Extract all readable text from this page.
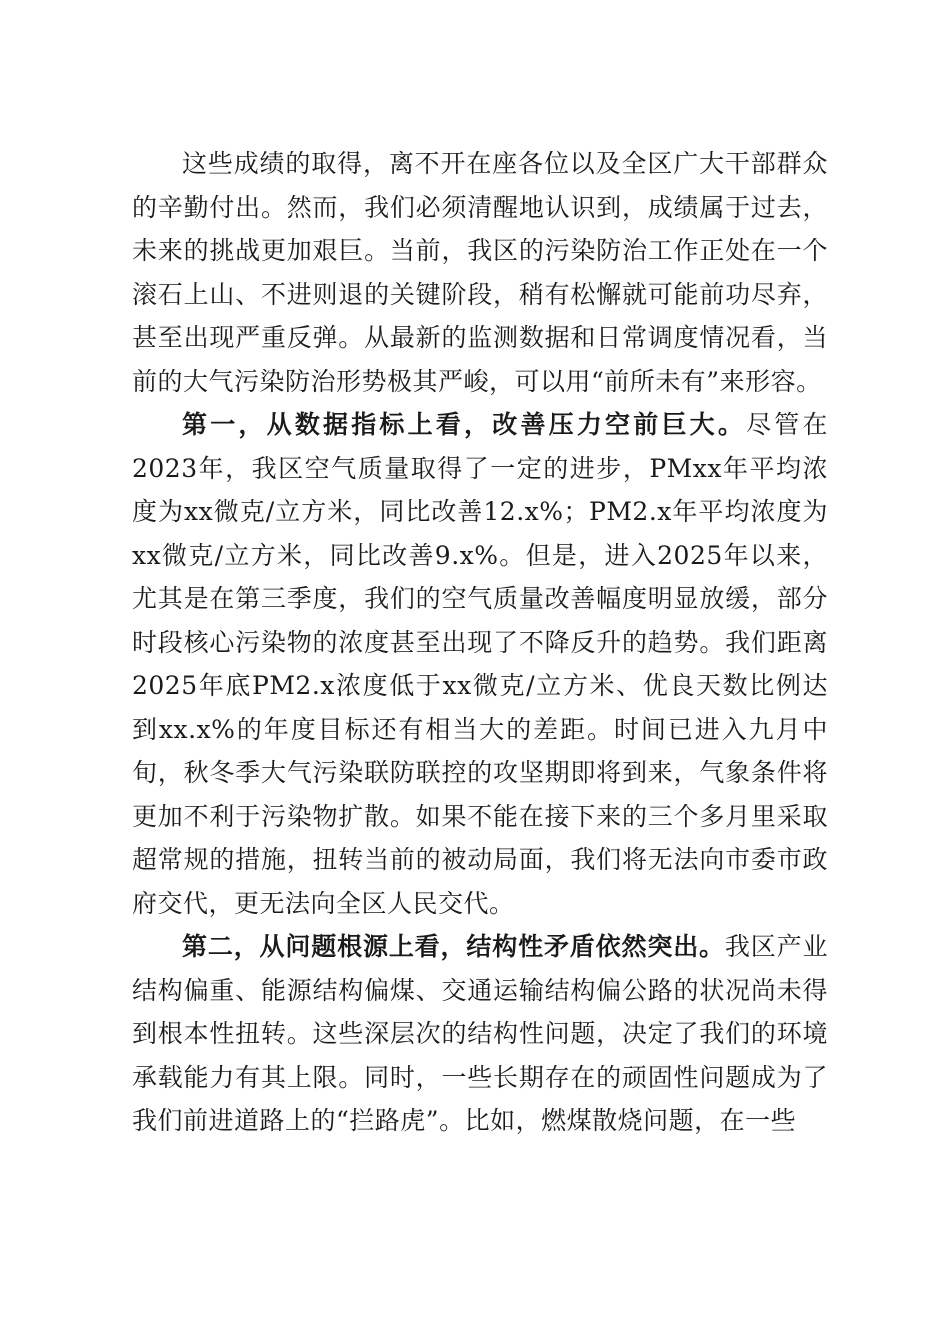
这些成绩的取得，离不开在座各位以及全区广大干部群众的辛勤付出。然而，我们必须清醒地认识到，成绩属于过去，未来的挑战更加艰巨。当前，我区的污染防治工作正处在一个滚石上山、不进则退的关键阶段，稍有松懈就可能前功尽弃，甚至出现严重反弹。从最新的监测数据和日常调度情况看，当前的大气污染防治形势极其严峻，可以用“前所未有”来形容。

第一，从数据指标上看，改善压力空前巨大。尽管在2023年，我区空气质量取得了一定的进步，PMxx年平均浓度为xx微克/立方米，同比改善12.x%；PM2.x年平均浓度为xx微克/立方米，同比改善9.x%。但是，进入2025年以来，尤其是在第三季度，我们的空气质量改善幅度明显放缓，部分时段核心污染物的浓度甚至出现了不降反升的趋势。我们距离2025年底PM2.x浓度低于xx微克/立方米、优良天数比例达到xx.x%的年度目标还有相当大的差距。时间已进入九月中旬，秋冬季大气污染联防联控的攻坚期即将到来，气象条件将更加不利于污染物扩散。如果不能在接下来的三个多月里采取超常规的措施，扭转当前的被动局面，我们将无法向市委市政府交代，更无法向全区人民交代。

第二，从问题根源上看，结构性矛盾依然突出。我区产业结构偏重、能源结构偏煤、交通运输结构偏公路的状况尚未得到根本性扭转。这些深层次的结构性问题，决定了我们的环境承载能力有其上限。同时，一些长期存在的顽固性问题成为了我们前进道路上的“拦路虎”。比如，燃煤散烧问题，在一些
